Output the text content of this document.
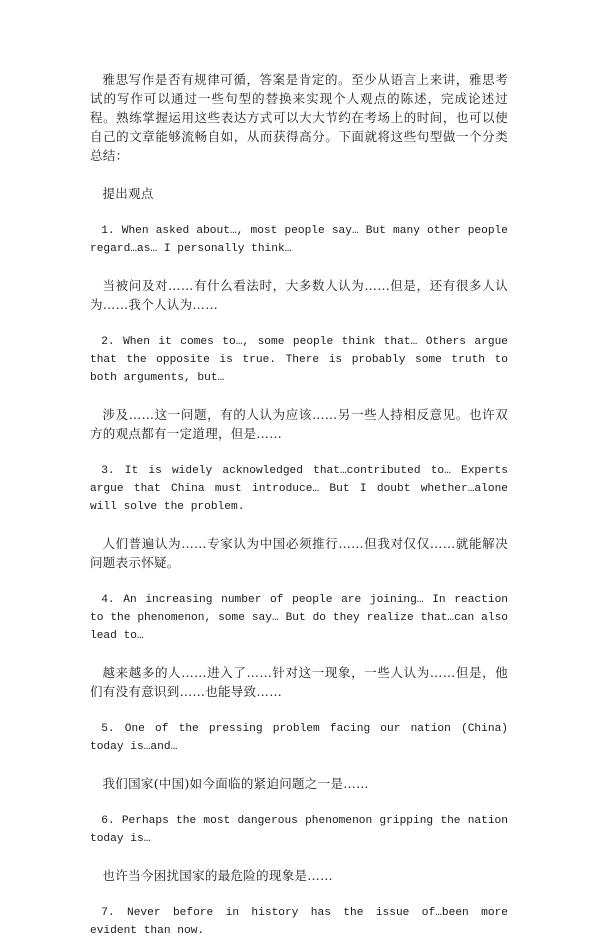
雅思写作是否有规律可循，答案是肯定的。至少从语言上来讲，雅思考试的写作可以通过一些句型的替换来实现个人观点的陈述，完成论述过程。熟练掌握运用这些表达方式可以大大节约在考场上的时间，也可以使自己的文章能够流畅自如，从而获得高分。下面就将这些句型做一个分类总结：

提出观点

1. When asked about…, most people say… But many other people regard…as… I personally think…

当被问及对……有什么看法时，大多数人认为……但是，还有很多人认为……我个人认为……

2. When it comes to…, some people think that… Others argue that the opposite is true. There is probably some truth to both arguments, but…

涉及……这一问题，有的人认为应该……另一些人持相反意见。也许双方的观点都有一定道理，但是……

3. It is widely acknowledged that…contributed to… Experts argue that China must introduce… But I doubt whether…alone will solve the problem.

人们普遍认为……专家认为中国必须推行……但我对仅仅……就能解决问题表示怀疑。

4. An increasing number of people are joining… In reaction to the phenomenon, some say… But do they realize that…can also lead to…

越来越多的人……进入了……针对这一现象，一些人认为……但是，他们有没有意识到……也能导致……

5. One of the pressing problem facing our nation (China) today is…and…

我们国家(中国)如今面临的紧迫问题之一是……

6. Perhaps the most dangerous phenomenon gripping the nation today is…

也许当今困扰国家的最危险的现象是……

7. Never before in history has the issue of…been more evident than now.
